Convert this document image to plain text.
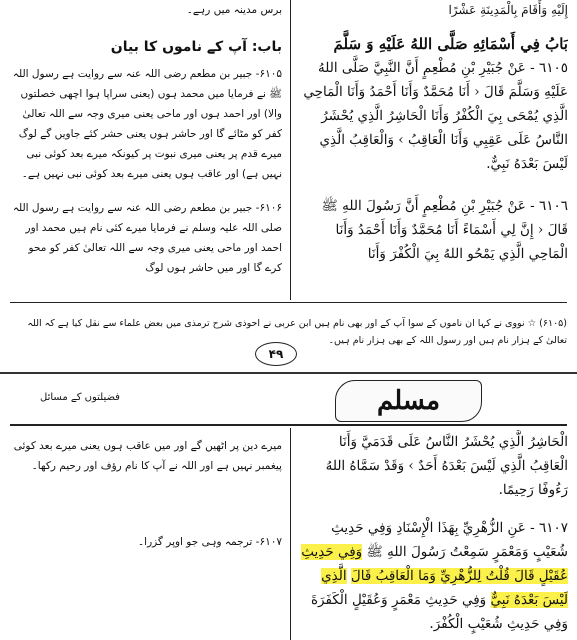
إِلَيْهِ وَأَقَامَ بِالْمَدِينَةِ عَشْرًا

بَابُ فِي أَسْمَائِهِ صَلَّى اللهُ عَلَيْهِ وَ سَلَّمَ

٦١٠٥ - عَنْ جُبَيْرِ بْنِ مُطْعِمٍ أَنَّ النَّبِيَّ صَلَّى اللهُ عَلَيْهِ وَسَلَّمَ قَالَ ‹ أَنَا مُحَمَّدٌ وَأَنَا أَحْمَدُ وَأَنَا الْمَاحِي الَّذِي يُمْحَى بِيَ الْكُفْرُ وَأَنَا الْحَاشِرُ الَّذِي يُحْشَرُ النَّاسُ عَلَى عَقِبِي وَأَنَا الْعَاقِبُ › وَالْعَاقِبُ الَّذِي لَيْسَ بَعْدَهُ نَبِيٌّ.

٦١٠٦ - عَنْ جُبَيْرِ بْنِ مُطْعِمٍ أَنَّ رَسُولَ اللهِ ﷺ قَالَ ‹ إِنَّ لِي أَسْمَاءً أَنَا مُحَمَّدٌ وَأَنَا أَحْمَدُ وَأَنَا الْمَاحِي الَّذِي يَمْحُو اللهُ بِيَ الْكُفْرَ وَأَنَا

برس مدینہ میں رہے۔

باب: آپ کے ناموں کا بیان

۶۱۰۵- جبیر بن مطعم رضی اللہ عنہ سے روایت ہے رسول اللہ ﷺ نے فرمایا میں محمد ہوں (یعنی سراپا ہوا اچھی خصلتوں والا) اور احمد ہوں اور ماحی یعنی میری وجہ سے اللہ تعالیٰ کفر کو مٹائے گا اور حاشر ہوں یعنی حشر کئے جاویں گے لوگ میرے قدم پر یعنی میری نبوت پر کیونکہ میرے بعد کوئی نبی نہیں ہے) اور عاقب ہوں یعنی میرے بعد کوئی نبی نہیں ہے۔

۶۱۰۶- جبیر بن مطعم رضی اللہ عنہ سے روایت ہے رسول اللہ صلی اللہ علیہ وسلم نے فرمایا میرے کئی نام ہیں محمد اور احمد اور ماحی یعنی میری وجہ سے اللہ تعالیٰ کفر کو محو کرے گا اور میں حاشر ہوں لوگ

(۶۱۰۵) ☆ نووی نے کہا ان ناموں کے سوا آپ کے اور بھی نام ہیں ابن عربی نے احوذی شرح ترمذی میں بعض علماء سے نقل کیا ہے کہ اللہ تعالیٰ کے ہزار نام ہیں اور رسول اللہ کے بھی ہزار نام ہیں۔

۴۹
مسلم
فضیلتوں کے مسائل

الْحَاشِرُ الَّذِي يُحْشَرُ النَّاسُ عَلَى قَدَمَيَّ وَأَنَا الْعَاقِبُ الَّذِي لَيْسَ بَعْدَهُ أَحَدٌ › وَقَدْ سَمَّاهُ اللهُ رَءُوفًا رَحِيمًا.

٦١٠٧ - عَنِ الزُّهْرِيِّ بِهَذَا الْإِسْنَادِ وَفِي حَدِيثِ شُعَيْبٍ وَمَعْمَرٍ سَمِعْتُ رَسُولَ اللهِ ﷺ وَفِي حَدِيثِ عُقَيْلٍ قَالَ قُلْتُ لِلزُّهْرِيِّ وَمَا الْعَاقِبُ قَالَ الَّذِي لَيْسَ بَعْدَهُ نَبِيٌّ وَفِي حَدِيثِ مَعْمَرٍ وَعُقَيْلٍ الْكَفَرَةَ وَفِي حَدِيثِ شُعَيْبٍ الْكُفْرَ.

میرے دین پر اٹھیں گے اور میں عاقب ہوں یعنی میرے بعد کوئی پیغمبر نہیں ہے اور اللہ نے آپ کا نام رؤف اور رحیم رکھا۔

۶۱۰۷- ترجمہ وہی جو اوپر گزرا۔
